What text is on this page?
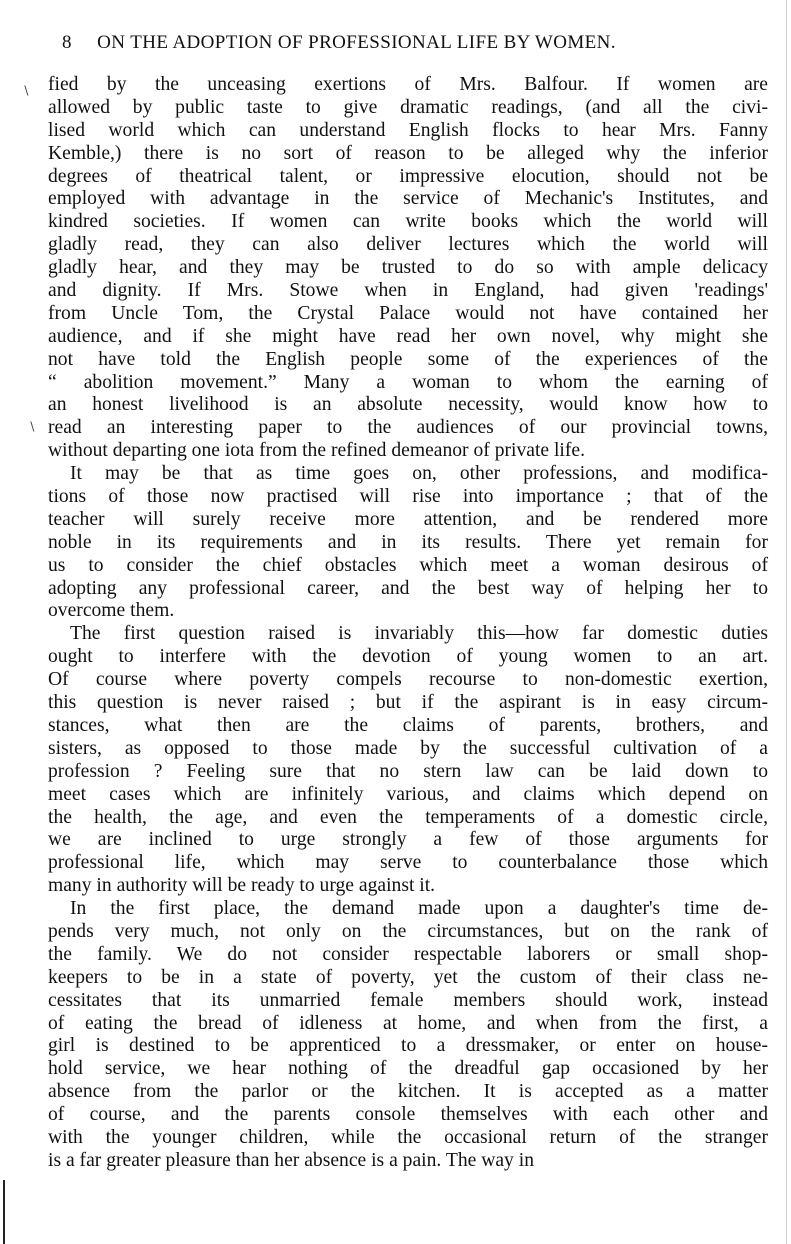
∖
∖
8 ON THE ADOPTION OF PROFESSIONAL LIFE BY WOMEN.
fied by the unceasing exertions of Mrs. Balfour. If women are
allowed by public taste to give dramatic readings, (and all the civi-
lised world which can understand English flocks to hear Mrs. Fanny
Kemble,) there is no sort of reason to be alleged why the inferior
degrees of theatrical talent, or impressive elocution, should not be
employed with advantage in the service of Mechanic's Institutes, and
kindred societies. If women can write books which the world will
gladly read, they can also deliver lectures which the world will
gladly hear, and they may be trusted to do so with ample delicacy
and dignity. If Mrs. Stowe when in England, had given 'readings'
from Uncle Tom, the Crystal Palace would not have contained her
audience, and if she might have read her own novel, why might she
not have told the English people some of the experiences of the
“ abolition movement.” Many a woman to whom the earning of
an honest livelihood is an absolute necessity, would know how to
read an interesting paper to the audiences of our provincial towns,
without departing one iota from the refined demeanor of private life.
It may be that as time goes on, other professions, and modifica-
tions of those now practised will rise into importance ; that of the
teacher will surely receive more attention, and be rendered more
noble in its requirements and in its results. There yet remain for
us to consider the chief obstacles which meet a woman desirous of
adopting any professional career, and the best way of helping her to
overcome them.
The first question raised is invariably this—how far domestic duties
ought to interfere with the devotion of young women to an art.
Of course where poverty compels recourse to non-domestic exertion,
this question is never raised ; but if the aspirant is in easy circum-
stances, what then are the claims of parents, brothers, and
sisters, as opposed to those made by the successful cultivation of a
profession ? Feeling sure that no stern law can be laid down to
meet cases which are infinitely various, and claims which depend on
the health, the age, and even the temperaments of a domestic circle,
we are inclined to urge strongly a few of those arguments for
professional life, which may serve to counterbalance those which
many in authority will be ready to urge against it.
In the first place, the demand made upon a daughter's time de-
pends very much, not only on the circumstances, but on the rank of
the family. We do not consider respectable laborers or small shop-
keepers to be in a state of poverty, yet the custom of their class ne-
cessitates that its unmarried female members should work, instead
of eating the bread of idleness at home, and when from the first, a
girl is destined to be apprenticed to a dressmaker, or enter on house-
hold service, we hear nothing of the dreadful gap occasioned by her
absence from the parlor or the kitchen. It is accepted as a matter
of course, and the parents console themselves with each other and
with the younger children, while the occasional return of the stranger
is a far greater pleasure than her absence is a pain. The way in
